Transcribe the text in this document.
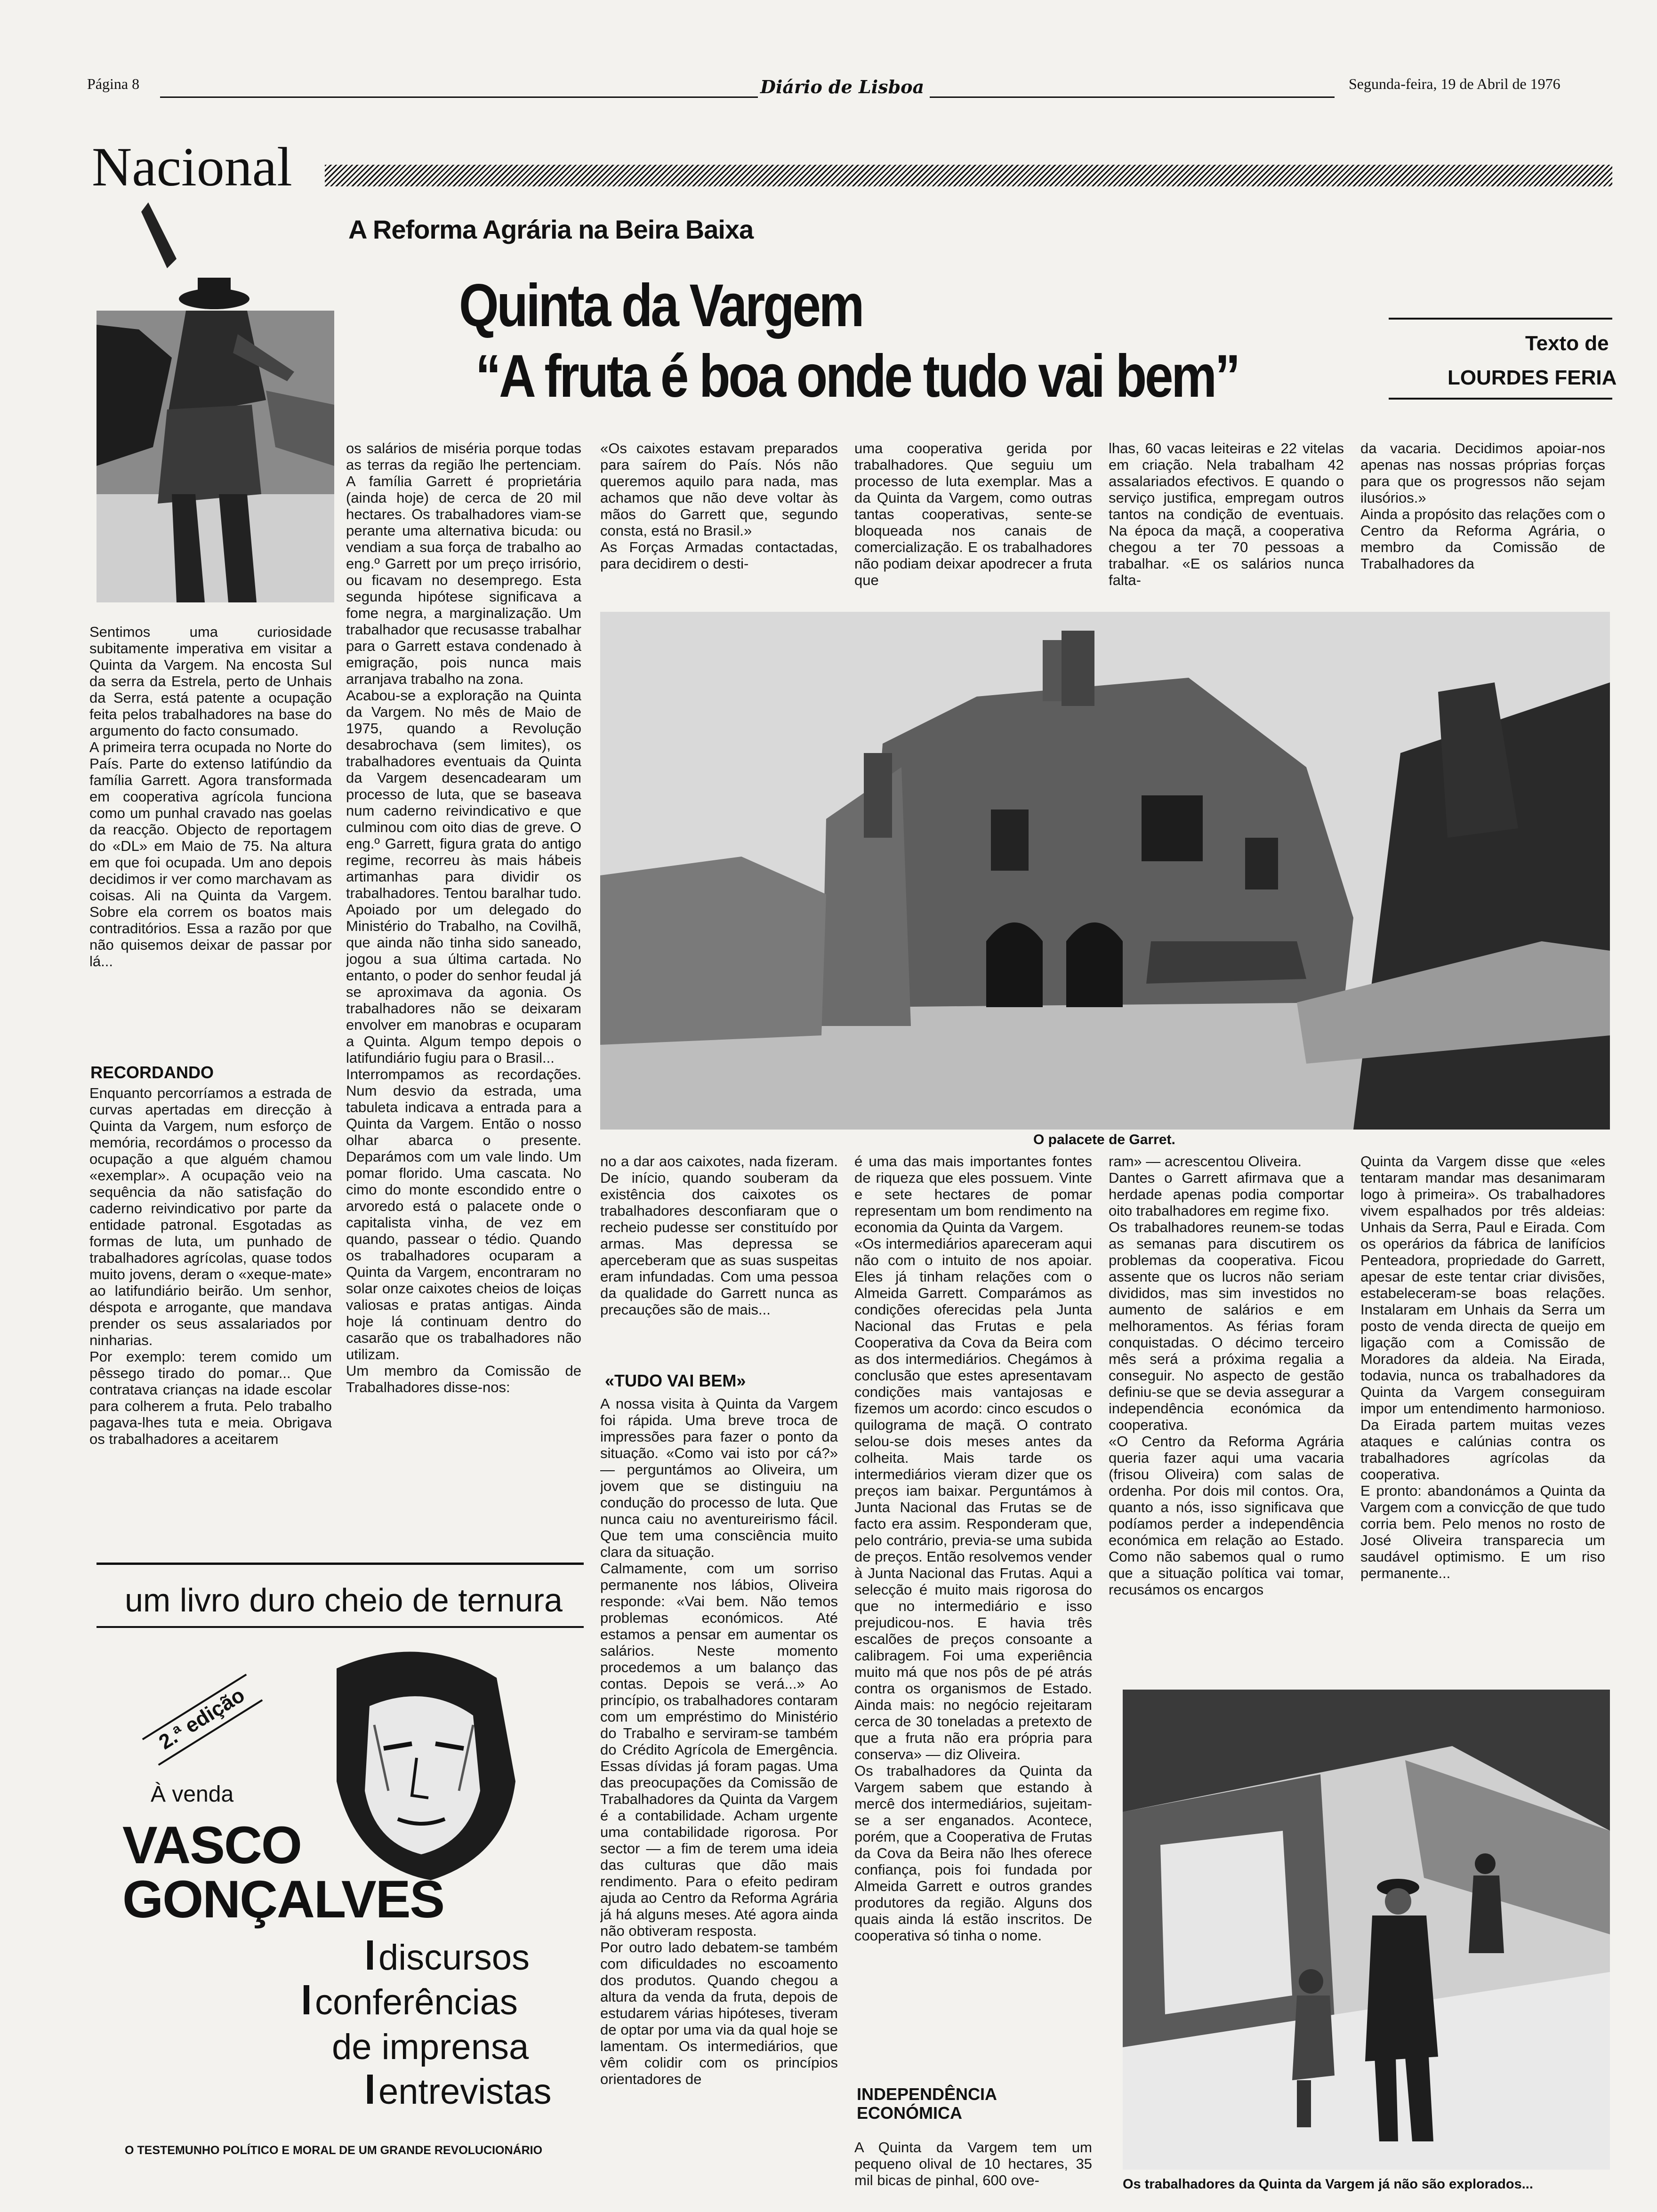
Página 8	Diário de Lisboa	Segunda-feira, 19 de Abril de 1976
Nacional
A Reforma Agrária na Beira Baixa
Quinta da Vargem
“A fruta é boa onde tudo vai bem”	Texto de
LOURDES FERIA
Sentimos uma curiosidade subitamente imperativa em visitar a Quinta da Vargem. Na encosta Sul da serra da Estrela, perto de Unhais da Serra, está patente a ocupação feita pelos trabalhadores na base do argumento do facto consumado.
A primeira terra ocupada no Norte do País. Parte do extenso latifúndio da família Garrett. Agora transformada em cooperativa agrícola funciona como um punhal cravado nas goelas da reacção. Objecto de reportagem do «DL» em Maio de 75. Na altura em que foi ocupada. Um ano depois decidimos ir ver como marchavam as coisas. Ali na Quinta da Vargem. Sobre ela correm os boatos mais contraditórios. Essa a razão por que não quisemos deixar de passar por lá...
RECORDANDO
Enquanto percorríamos a estrada de curvas apertadas em direcção à Quinta da Vargem, num esforço de memória, recordámos o processo da ocupação a que alguém chamou «exemplar». A ocupação veio na sequência da não satisfação do caderno reivindicativo por parte da entidade patronal. Esgotadas as formas de luta, um punhado de trabalhadores agrícolas, quase todos muito jovens, deram o «xeque-mate» ao latifundiário beirão. Um senhor, déspota e arrogante, que mandava prender os seus assalariados por ninharias.
Por exemplo: terem comido um pêssego tirado do pomar... Que contratava crianças na idade escolar para colherem a fruta. Pelo trabalho pagava-lhes tuta e meia. Obrigava os trabalhadores a aceitarem
os salários de miséria porque todas as terras da região lhe pertenciam. A família Garrett é proprietária (ainda hoje) de cerca de 20 mil hectares. Os trabalhadores viam-se perante uma alternativa bicuda: ou vendiam a sua força de trabalho ao eng.º Garrett por um preço irrisório, ou ficavam no desemprego. Esta segunda hipótese significava a fome negra, a marginalização. Um trabalhador que recusasse trabalhar para o Garrett estava condenado à emigração, pois nunca mais arranjava trabalho na zona.
Acabou-se a exploração na Quinta da Vargem. No mês de Maio de 1975, quando a Revolução desabrochava (sem limites), os trabalhadores eventuais da Quinta da Vargem desencadearam um processo de luta, que se baseava num caderno reivindicativo e que culminou com oito dias de greve. O eng.º Garrett, figura grata do antigo regime, recorreu às mais hábeis artimanhas para dividir os trabalhadores. Tentou baralhar tudo. Apoiado por um delegado do Ministério do Trabalho, na Covilhã, que ainda não tinha sido saneado, jogou a sua última cartada. No entanto, o poder do senhor feudal já se aproximava da agonia. Os trabalhadores não se deixaram envolver em manobras e ocuparam a Quinta. Algum tempo depois o latifundiário fugiu para o Brasil...
Interrompamos as recordações. Num desvio da estrada, uma tabuleta indicava a entrada para a Quinta da Vargem. Então o nosso olhar abarca o presente. Deparámos com um vale lindo. Um pomar florido. Uma cascata. No cimo do monte escondido entre o arvoredo está o palacete onde o capitalista vinha, de vez em quando, passear o tédio. Quando os trabalhadores ocuparam a Quinta da Vargem, encontraram no solar onze caixotes cheios de loiças valiosas e pratas antigas. Ainda hoje lá continuam dentro do casarão que os trabalhadores não utilizam.
Um membro da Comissão de Trabalhadores disse-nos:
«Os caixotes estavam preparados para saírem do País. Nós não queremos aquilo para nada, mas achamos que não deve voltar às mãos do Garrett que, segundo consta, está no Brasil.»
As Forças Armadas contactadas, para decidirem o desti-
uma cooperativa gerida por trabalhadores. Que seguiu um processo de luta exemplar. Mas a da Quinta da Vargem, como outras tantas cooperativas, sente-se bloqueada nos canais de comercialização. E os trabalhadores não podiam deixar apodrecer a fruta que
lhas, 60 vacas leiteiras e 22 vitelas em criação. Nela trabalham 42 assalariados efectivos. E quando o serviço justifica, empregam outros tantos na condição de eventuais. Na época da maçã, a cooperativa chegou a ter 70 pessoas a trabalhar. «E os salários nunca falta-
da vacaria. Decidimos apoiar-nos apenas nas nossas próprias forças para que os progressos não sejam ilusórios.»
Ainda a propósito das relações com o Centro da Reforma Agrária, o membro da Comissão de Trabalhadores da
O palacete de Garret.
no a dar aos caixotes, nada fizeram. De início, quando souberam da existência dos caixotes os trabalhadores desconfiaram que o recheio pudesse ser constituído por armas. Mas depressa se aperceberam que as suas suspeitas eram infundadas. Com uma pessoa da qualidade do Garrett nunca as precauções são de mais...
«TUDO VAI BEM»
A nossa visita à Quinta da Vargem foi rápida. Uma breve troca de impressões para fazer o ponto da situação. «Como vai isto por cá?» — perguntámos ao Oliveira, um jovem que se distinguiu na condução do processo de luta. Que nunca caiu no aventureirismo fácil. Que tem uma consciência muito clara da situação.
Calmamente, com um sorriso permanente nos lábios, Oliveira responde: «Vai bem. Não temos problemas económicos. Até estamos a pensar em aumentar os salários. Neste momento procedemos a um balanço das contas. Depois se verá...» Ao princípio, os trabalhadores contaram com um empréstimo do Ministério do Trabalho e serviram-se também do Crédito Agrícola de Emergência. Essas dívidas já foram pagas. Uma das preocupações da Comissão de Trabalhadores da Quinta da Vargem é a contabilidade. Acham urgente uma contabilidade rigorosa. Por sector — a fim de terem uma ideia das culturas que dão mais rendimento. Para o efeito pediram ajuda ao Centro da Reforma Agrária já há alguns meses. Até agora ainda não obtiveram resposta.
Por outro lado debatem-se também com dificuldades no escoamento dos produtos. Quando chegou a altura da venda da fruta, depois de estudarem várias hipóteses, tiveram de optar por uma via da qual hoje se lamentam. Os intermediários, que vêm colidir com os princípios orientadores de
é uma das mais importantes fontes de riqueza que eles possuem. Vinte e sete hectares de pomar representam um bom rendimento na economia da Quinta da Vargem.
«Os intermediários apareceram aqui não com o intuito de nos apoiar. Eles já tinham relações com o Almeida Garrett. Comparámos as condições oferecidas pela Junta Nacional das Frutas e pela Cooperativa da Cova da Beira com as dos intermediários. Chegámos à conclusão que estes apresentavam condições mais vantajosas e fizemos um acordo: cinco escudos o quilograma de maçã. O contrato selou-se dois meses antes da colheita. Mais tarde os intermediários vieram dizer que os preços iam baixar. Perguntámos à Junta Nacional das Frutas se de facto era assim. Responderam que, pelo contrário, previa-se uma subida de preços. Então resolvemos vender à Junta Nacional das Frutas. Aqui a selecção é muito mais rigorosa do que no intermediário e isso prejudicou-nos. E havia três escalões de preços consoante a calibragem. Foi uma experiência muito má que nos pôs de pé atrás contra os organismos de Estado. Ainda mais: no negócio rejeitaram cerca de 30 toneladas a pretexto de que a fruta não era própria para conserva» — diz Oliveira.
Os trabalhadores da Quinta da Vargem sabem que estando à mercê dos intermediários, sujeitam-se a ser enganados. Acontece, porém, que a Cooperativa de Frutas da Cova da Beira não lhes oferece confiança, pois foi fundada por Almeida Garrett e outros grandes produtores da região. Alguns dos quais ainda lá estão inscritos. De cooperativa só tinha o nome.
INDEPENDÊNCIA ECONÓMICA
A Quinta da Vargem tem um pequeno olival de 10 hectares, 35 mil bicas de pinhal, 600 ove-
ram» — acrescentou Oliveira.
Dantes o Garrett afirmava que a herdade apenas podia comportar oito trabalhadores em regime fixo.
Os trabalhadores reunem-se todas as semanas para discutirem os problemas da cooperativa. Ficou assente que os lucros não seriam divididos, mas sim investidos no aumento de salários e em melhoramentos. As férias foram conquistadas. O décimo terceiro mês será a próxima regalia a conseguir. No aspecto de gestão definiu-se que se devia assegurar a independência económica da cooperativa.
«O Centro da Reforma Agrária queria fazer aqui uma vacaria (frisou Oliveira) com salas de ordenha. Por dois mil contos. Ora, quanto a nós, isso significava que podíamos perder a independência económica em relação ao Estado. Como não sabemos qual o rumo que a situação política vai tomar, recusámos os encargos
Quinta da Vargem disse que «eles tentaram mandar mas desanimaram logo à primeira». Os trabalhadores vivem espalhados por três aldeias: Unhais da Serra, Paul e Eirada. Com os operários da fábrica de lanifícios Penteadora, propriedade do Garrett, apesar de este tentar criar divisões, estabeleceram-se boas relações. Instalaram em Unhais da Serra um posto de venda directa de queijo em ligação com a Comissão de Moradores da aldeia. Na Eirada, todavia, nunca os trabalhadores da Quinta da Vargem conseguiram impor um entendimento harmonioso. Da Eirada partem muitas vezes ataques e calúnias contra os trabalhadores agrícolas da cooperativa.
E pronto: abandonámos a Quinta da Vargem com a convicção de que tudo corria bem. Pelo menos no rosto de José Oliveira transparecia um saudável optimismo. E um riso permanente...
Os trabalhadores da Quinta da Vargem já não são explorados...
um livro duro cheio de ternura
2.ª edição
À venda
VASCO
GONÇALVES
discursos
conferências
de imprensa
entrevistas
O TESTEMUNHO POLÍTICO E MORAL DE UM GRANDE REVOLUCIONÁRIO
